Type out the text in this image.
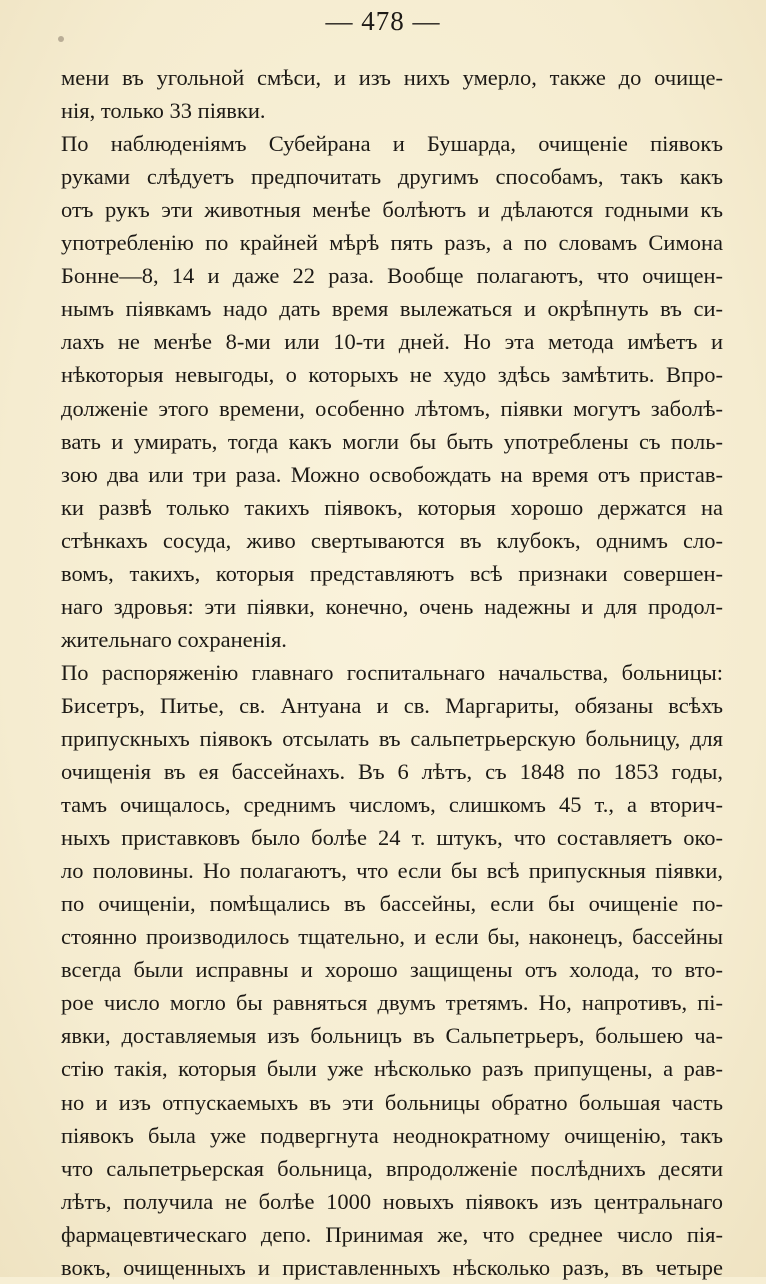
— 478 —
мени въ угольной смѣси, и изъ нихъ умерло, также до очище-
нія, только 33 піявки.
По наблюденіямъ Субейрана и Бушарда, очищеніе піявокъ
руками слѣдуетъ предпочитать другимъ способамъ, такъ какъ
отъ рукъ эти животныя менѣе болѣютъ и дѣлаются годными къ
употребленію по крайней мѣрѣ пять разъ, а по словамъ Симона
Бонне—8, 14 и даже 22 раза. Вообще полагаютъ, что очищен-
нымъ піявкамъ надо дать время вылежаться и окрѣпнуть въ си-
лахъ не менѣе 8-ми или 10-ти дней. Но эта метода имѣетъ и
нѣкоторыя невыгоды, о которыхъ не худо здѣсь замѣтить. Впро-
долженіе этого времени, особенно лѣтомъ, піявки могутъ заболѣ-
вать и умирать, тогда какъ могли бы быть употреблены съ поль-
зою два или три раза. Можно освобождать на время отъ пристав-
ки развѣ только такихъ піявокъ, которыя хорошо держатся на
стѣнкахъ сосуда, живо свертываются въ клубокъ, однимъ сло-
вомъ, такихъ, которыя представляютъ всѣ признаки совершен-
наго здровья: эти піявки, конечно, очень надежны и для продол-
жительнаго сохраненія.
По распоряженію главнаго госпитальнаго начальства, больницы:
Бисетръ, Питье, св. Антуана и св. Маргариты, обязаны всѣхъ
припускныхъ піявокъ отсылать въ сальпетрьерскую больницу, для
очищенія въ ея бассейнахъ. Въ 6 лѣтъ, съ 1848 по 1853 годы,
тамъ очищалось, среднимъ числомъ, слишкомъ 45 т., а вторич-
ныхъ приставковъ было болѣе 24 т. штукъ, что составляетъ око-
ло половины. Но полагаютъ, что если бы всѣ припускныя піявки,
по очищеніи, помѣщались въ бассейны, если бы очищеніе по-
стоянно производилось тщательно, и если бы, наконецъ, бассейны
всегда были исправны и хорошо защищены отъ холода, то вто-
рое число могло бы равняться двумъ третямъ. Но, напротивъ, пі-
явки, доставляемыя изъ больницъ въ Сальпетрьеръ, большею ча-
стію такія, которыя были уже нѣсколько разъ припущены, а рав-
но и изъ отпускаемыхъ въ эти больницы обратно большая часть
піявокъ была уже подвергнута неоднократному очищенію, такъ
что сальпетрьерская больница, впродолженіе послѣднихъ десяти
лѣтъ, получила не болѣе 1000 новыхъ піявокъ изъ центральнаго
фармацевтическаго депо. Принимая же, что среднее число пія-
вокъ, очищенныхъ и приставленныхъ нѣсколько разъ, въ четыре
